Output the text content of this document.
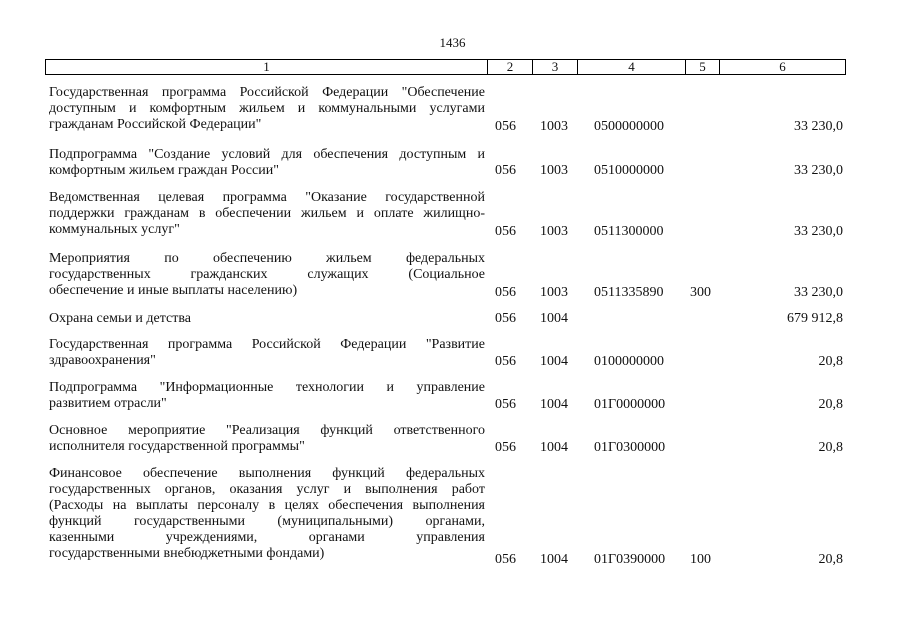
1436
1	2	3	4	5	6
Государственная программа Российской Федерации "Обеспечение
доступным и комфортным жильем и коммунальными услугами
гражданам Российской Федерации"	056 1003 0500000000	33 230,0
Подпрограмма "Создание условий для обеспечения доступным и
комфортным жильем граждан России"	056 1003 0510000000	33 230,0
Ведомственная целевая программа "Оказание государственной
поддержки гражданам в обеспечении жильем и оплате жилищно-
коммунальных услуг"	056 1003 0511300000	33 230,0
Мероприятия по обеспечению жильем федеральных
государственных гражданских служащих (Социальное
обеспечение и иные выплаты населению)	056 1003 0511335890 300	33 230,0
Охрана семьи и детства	056 1004	679 912,8
Государственная программа Российской Федерации "Развитие
здравоохранения"	056 1004 0100000000	20,8
Подпрограмма "Информационные технологии и управление
развитием отрасли"	056 1004 01Г0000000	20,8
Основное мероприятие "Реализация функций ответственного
исполнителя государственной программы"	056 1004 01Г0300000	20,8
Финансовое обеспечение выполнения функций федеральных
государственных органов, оказания услуг и выполнения работ
(Расходы на выплаты персоналу в целях обеспечения выполнения
функций государственными (муниципальными) органами,
казенными учреждениями, органами управления
государственными внебюджетными фондами)	056 1004 01Г0390000 100	20,8
